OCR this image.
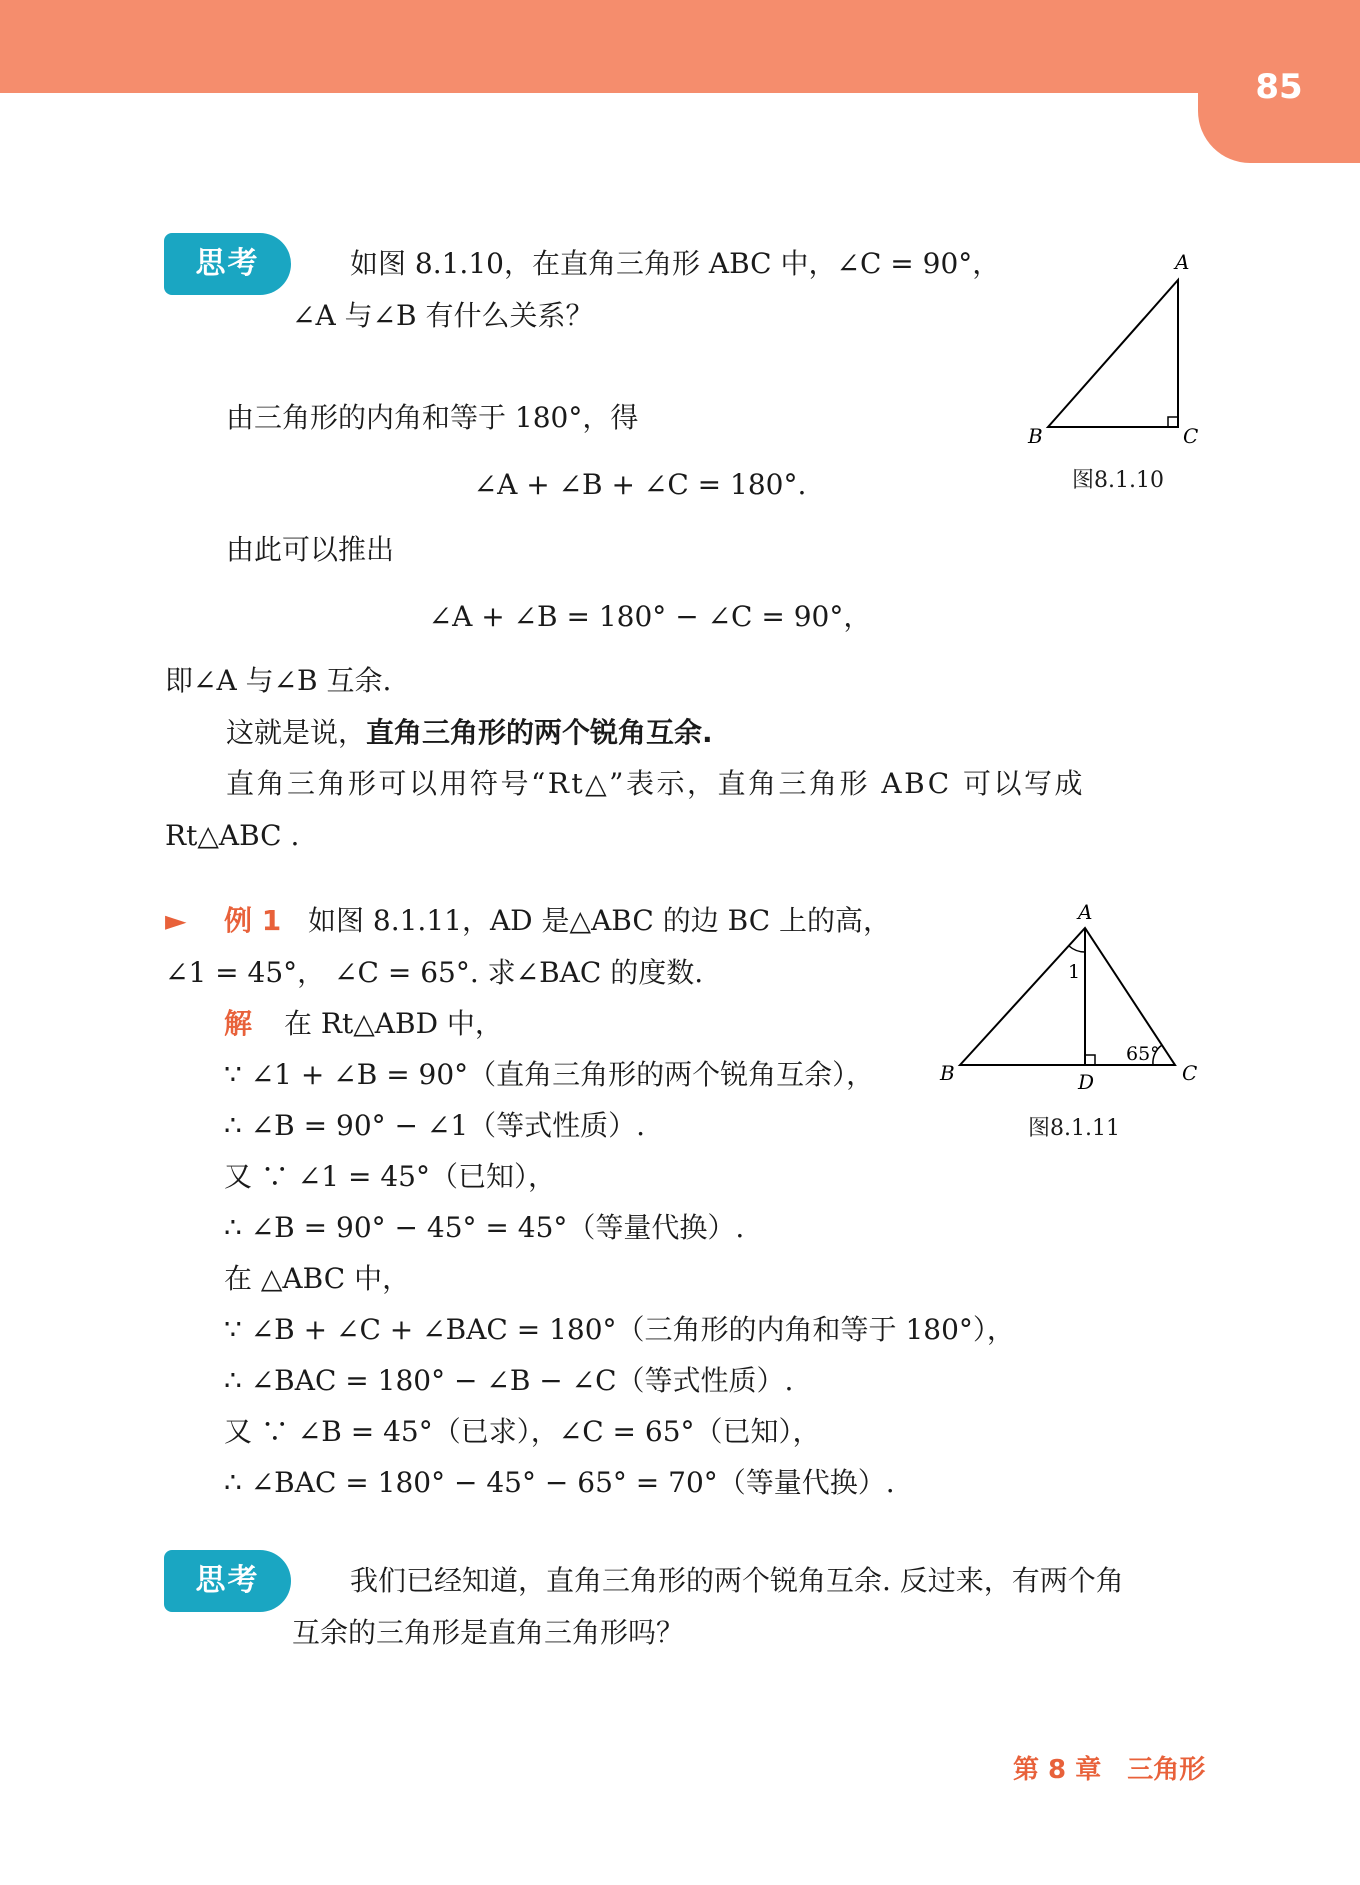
85
思考	如图 8.1.10，在直角三角形 ABC 中，∠C = 90°，
∠A 与∠B 有什么关系？
A
B	C
图8.1.10
由三角形的内角和等于 180°，得
∠A + ∠B + ∠C = 180°.
由此可以推出
∠A + ∠B = 180° − ∠C = 90°，
即∠A 与∠B 互余.
这就是说，直角三角形的两个锐角互余.
直角三角形可以用符号“Rt△”表示，直角三角形 ABC 可以写成
Rt△ABC .
► 例 1 如图 8.1.11，AD 是△ABC 的边 BC 上的高，
∠1 = 45°， ∠C = 65°. 求∠BAC 的度数.
解 在 Rt△ABD 中，
∵ ∠1 + ∠B = 90°（直角三角形的两个锐角互余），
∴ ∠B = 90° − ∠1（等式性质）.
又 ∵ ∠1 = 45°（已知），
∴ ∠B = 90° − 45° = 45°（等量代换）.
在 △ABC 中，
∵ ∠B + ∠C + ∠BAC = 180°（三角形的内角和等于 180°），
∴ ∠BAC = 180° − ∠B − ∠C（等式性质）.
又 ∵ ∠B = 45°（已求），∠C = 65°（已知），
∴ ∠BAC = 180° − 45° − 65° = 70°（等量代换）.
A
B	C
D
1
65°
图8.1.11
思考	我们已经知道，直角三角形的两个锐角互余. 反过来，有两个角
互余的三角形是直角三角形吗？
第 8 章 三角形
